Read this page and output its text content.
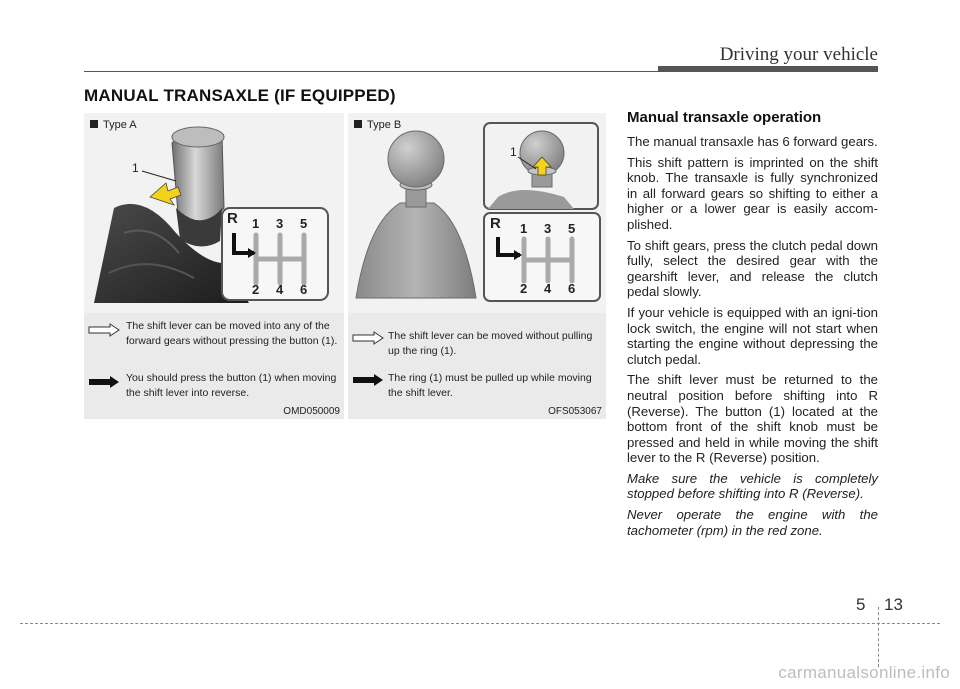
Driving your vehicle
MANUAL TRANSAXLE (IF EQUIPPED)
Type A
1
R 1 3 5
2 4 6
The shift lever can be moved into any of the forward gears without pressing the button (1).
You should press the button (1) when moving the shift lever into reverse.
OMD050009
Type B
1
R 1 3 5
2 4 6
The shift lever can be moved without pulling up the ring (1).
The ring (1) must be pulled up while moving the shift lever.
OFS053067
Manual transaxle operation

The manual transaxle has 6 forward gears.

This shift pattern is imprinted on the shift knob. The transaxle is fully synchronized in all forward gears so shifting to either a higher or a lower gear is easily accom-plished.

To shift gears, press the clutch pedal down fully, select the desired gear with the gearshift lever, and release the clutch pedal slowly.

If your vehicle is equipped with an igni-tion lock switch, the engine will not start when starting the engine without depressing the clutch pedal.

The shift lever must be returned to the neutral position before shifting into R (Reverse). The button (1) located at the bottom front of the shift knob must be pressed and held in while moving the shift lever to the R (Reverse) position.

Make sure the vehicle is completely stopped before shifting into R (Reverse).

Never operate the engine with the tachometer (rpm) in the red zone.

5 13
carmanualsonline.info
